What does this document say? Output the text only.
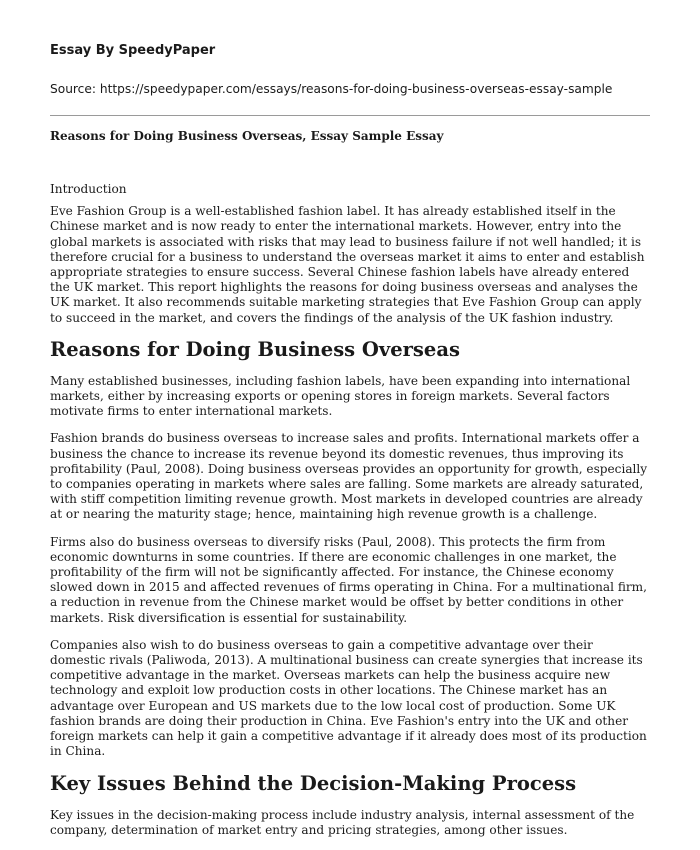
Essay By SpeedyPaper
Source: https://speedypaper.com/essays/reasons-for-doing-business-overseas-essay-sample
Reasons for Doing Business Overseas, Essay Sample Essay

Introduction

Eve Fashion Group is a well-established fashion label. It has already established itself in the Chinese market and is now ready to enter the international markets. However, entry into the global markets is associated with risks that may lead to business failure if not well handled; it is therefore crucial for a business to understand the overseas market it aims to enter and establish appropriate strategies to ensure success. Several Chinese fashion labels have already entered the UK market. This report highlights the reasons for doing business overseas and analyses the UK market. It also recommends suitable marketing strategies that Eve Fashion Group can apply to succeed in the market, and covers the findings of the analysis of the UK fashion industry.

Reasons for Doing Business Overseas

Many established businesses, including fashion labels, have been expanding into international markets, either by increasing exports or opening stores in foreign markets. Several factors motivate firms to enter international markets.

Fashion brands do business overseas to increase sales and profits. International markets offer a business the chance to increase its revenue beyond its domestic revenues, thus improving its profitability (Paul, 2008). Doing business overseas provides an opportunity for growth, especially to companies operating in markets where sales are falling. Some markets are already saturated, with stiff competition limiting revenue growth. Most markets in developed countries are already at or nearing the maturity stage; hence, maintaining high revenue growth is a challenge.

Firms also do business overseas to diversify risks (Paul, 2008). This protects the firm from economic downturns in some countries. If there are economic challenges in one market, the profitability of the firm will not be significantly affected. For instance, the Chinese economy slowed down in 2015 and affected revenues of firms operating in China. For a multinational firm, a reduction in revenue from the Chinese market would be offset by better conditions in other markets. Risk diversification is essential for sustainability.

Companies also wish to do business overseas to gain a competitive advantage over their domestic rivals (Paliwoda, 2013). A multinational business can create synergies that increase its competitive advantage in the market. Overseas markets can help the business acquire new technology and exploit low production costs in other locations. The Chinese market has an advantage over European and US markets due to the low local cost of production. Some UK fashion brands are doing their production in China. Eve Fashion's entry into the UK and other foreign markets can help it gain a competitive advantage if it already does most of its production in China.

Key Issues Behind the Decision-Making Process

Key issues in the decision-making process include industry analysis, internal assessment of the company, determination of market entry and pricing strategies, among other issues.
